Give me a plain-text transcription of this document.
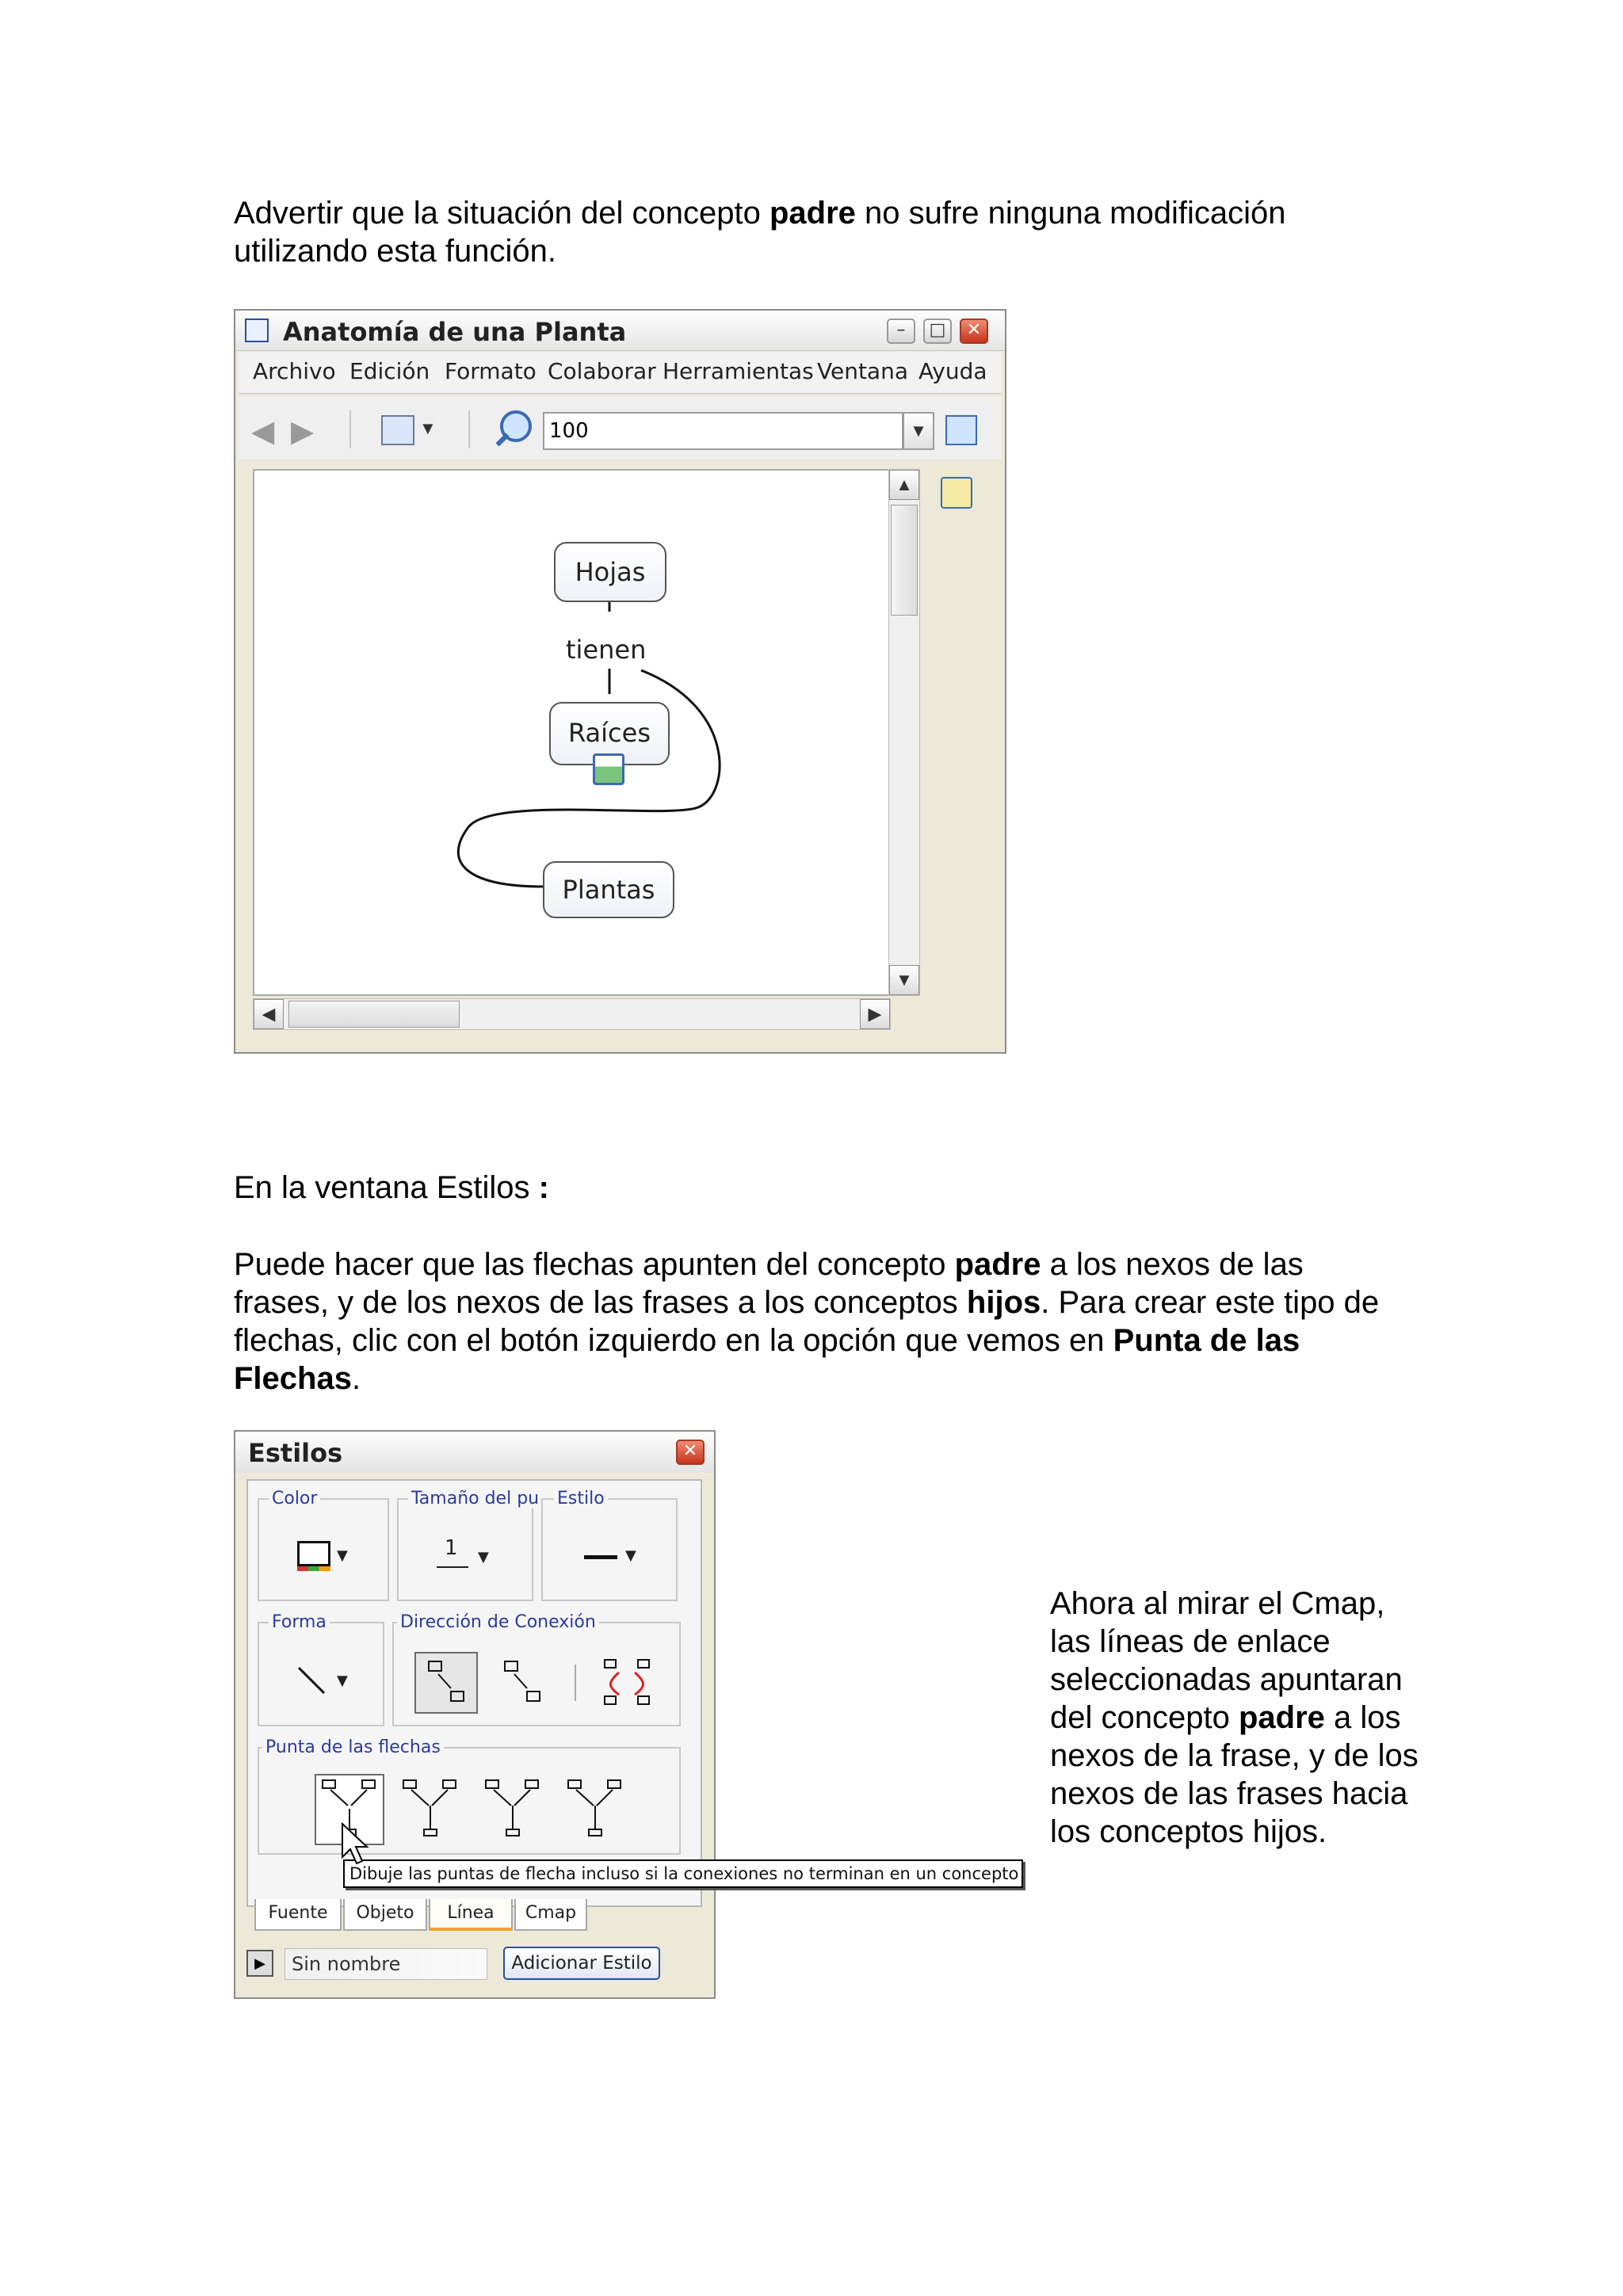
Advertir que la situación del concepto padre no sufre ninguna modificación utilizando esta función.
Anatomía de una Planta	–	□	✕
Archivo Edición Formato Colaborar Herramientas Ventana Ayuda
◀ ▶	▼	100	▼
Hojas
tienen
Raíces
Plantas
▲
▼
◀	▶
En la ventana Estilos :
Puede hacer que las flechas apunten del concepto padre a los nexos de las frases, y de los nexos de las frases a los conceptos hijos. Para crear este tipo de flechas, clic con el botón izquierdo en la opción que vemos en Punta de las Flechas.
Estilos	✕
Color
▼
Tamaño del pu
1 ▼
Estilo
▼
Forma
▼
Dirección de Conexión
Punta de las flechas
Fuente	Objeto	Línea	Cmap
▶	Sin nombre	Adicionar Estilo
Dibuje las puntas de flecha incluso si la conexiones no terminan en un concepto
Ahora al mirar el Cmap, las líneas de enlace seleccionadas apuntaran del concepto padre a los nexos de la frase, y de los nexos de las frases hacia los conceptos hijos.
